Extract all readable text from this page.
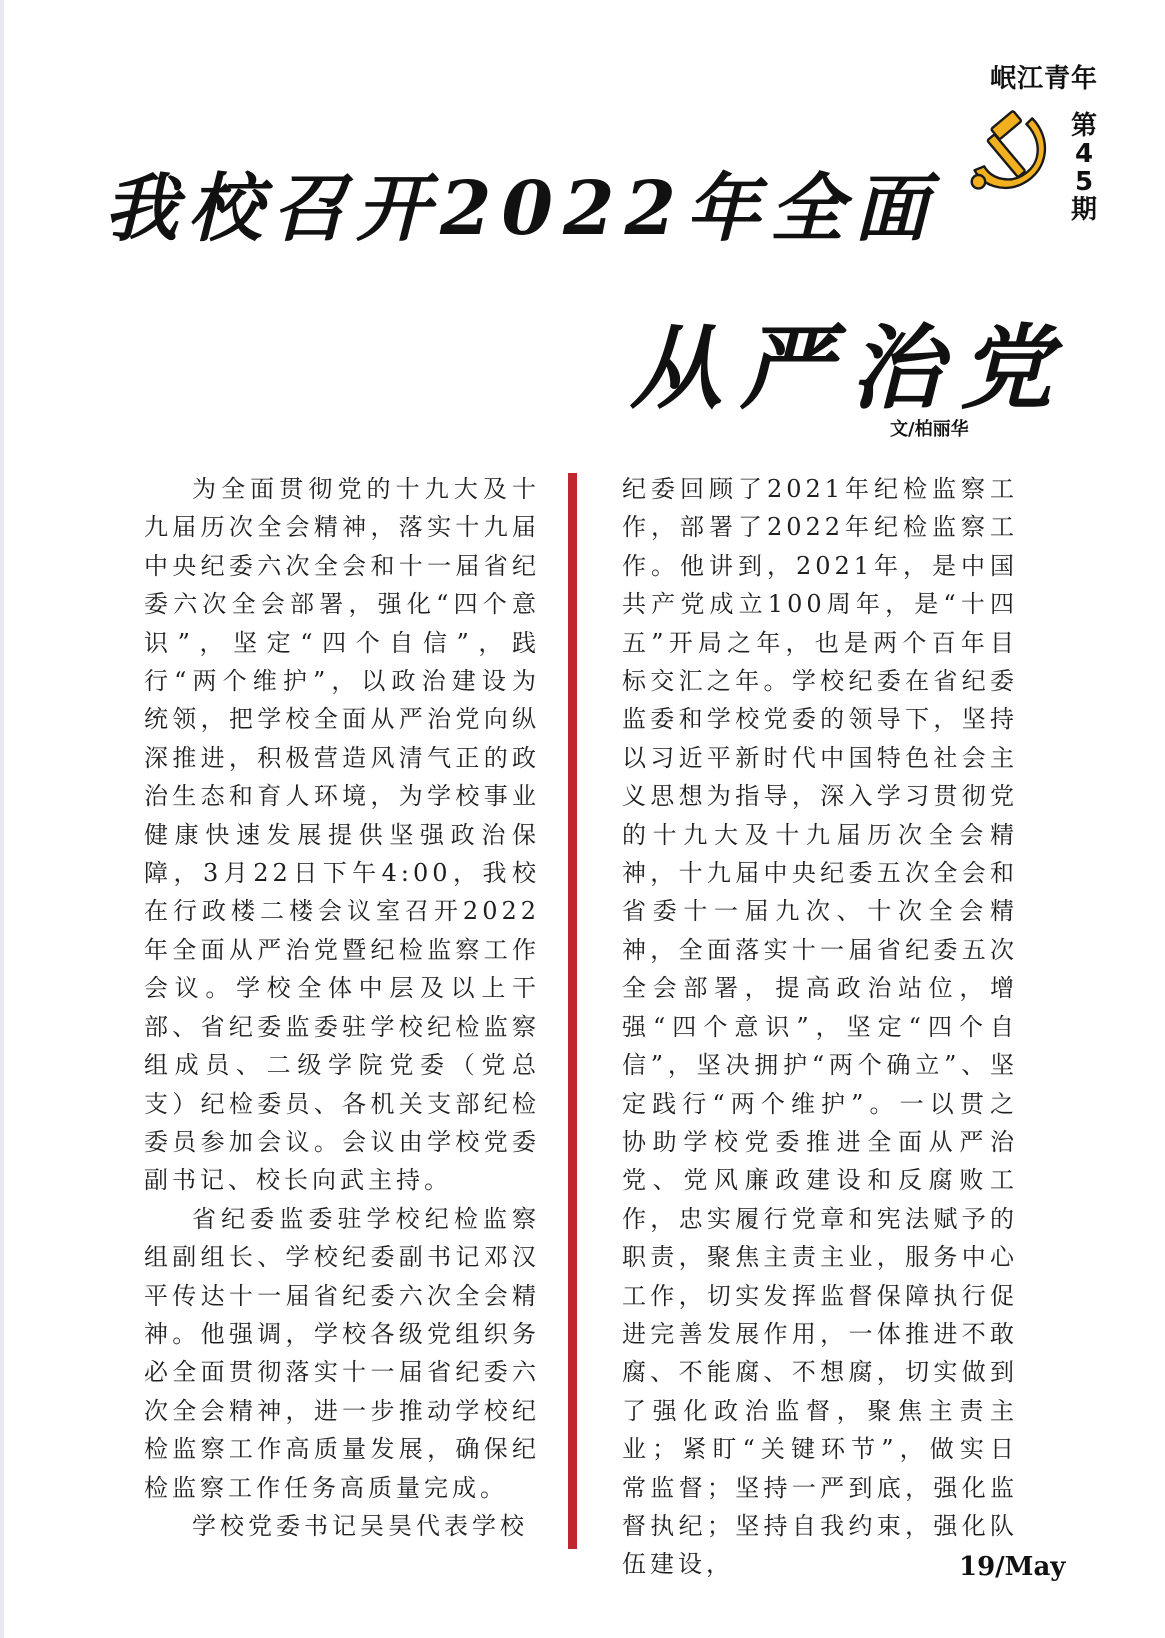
岷江青年
第
4
5
期
我校召开2022年全面
从严治党
文/柏丽华

为全面贯彻党的十九大及十九届历次全会精神，落实十九届中央纪委六次全会和十一届省纪委六次全会部署，强化“四个意识”，坚定“四个自信”，践行“两个维护”，以政治建设为统领，把学校全面从严治党向纵深推进，积极营造风清气正的政治生态和育人环境，为学校事业健康快速发展提供坚强政治保障，3月22日下午4:00，我校在行政楼二楼会议室召开2022年全面从严治党暨纪检监察工作会议。学校全体中层及以上干部、省纪委监委驻学校纪检监察组成员、二级学院党委（党总支）纪检委员、各机关支部纪检委员参加会议。会议由学校党委副书记、校长向武主持。

省纪委监委驻学校纪检监察组副组长、学校纪委副书记邓汉平传达十一届省纪委六次全会精神。他强调，学校各级党组织务必全面贯彻落实十一届省纪委六次全会精神，进一步推动学校纪检监察工作高质量发展，确保纪检监察工作任务高质量完成。

学校党委书记吴昊代表学校

纪委回顾了2021年纪检监察工作，部署了2022年纪检监察工作。他讲到，2021年，是中国共产党成立100周年，是“十四五”开局之年，也是两个百年目标交汇之年。学校纪委在省纪委监委和学校党委的领导下，坚持以习近平新时代中国特色社会主义思想为指导，深入学习贯彻党的十九大及十九届历次全会精神，十九届中央纪委五次全会和省委十一届九次、十次全会精神，全面落实十一届省纪委五次全会部署，提高政治站位，增强“四个意识”，坚定“四个自信”，坚决拥护“两个确立”、坚定践行“两个维护”。一以贯之协助学校党委推进全面从严治党、党风廉政建设和反腐败工作，忠实履行党章和宪法赋予的职责，聚焦主责主业，服务中心工作，切实发挥监督保障执行促进完善发展作用，一体推进不敢腐、不能腐、不想腐，切实做到了强化政治监督，聚焦主责主业；紧盯“关键环节”，做实日常监督；坚持一严到底，强化监督执纪；坚持自我约束，强化队伍建设，	19/May
